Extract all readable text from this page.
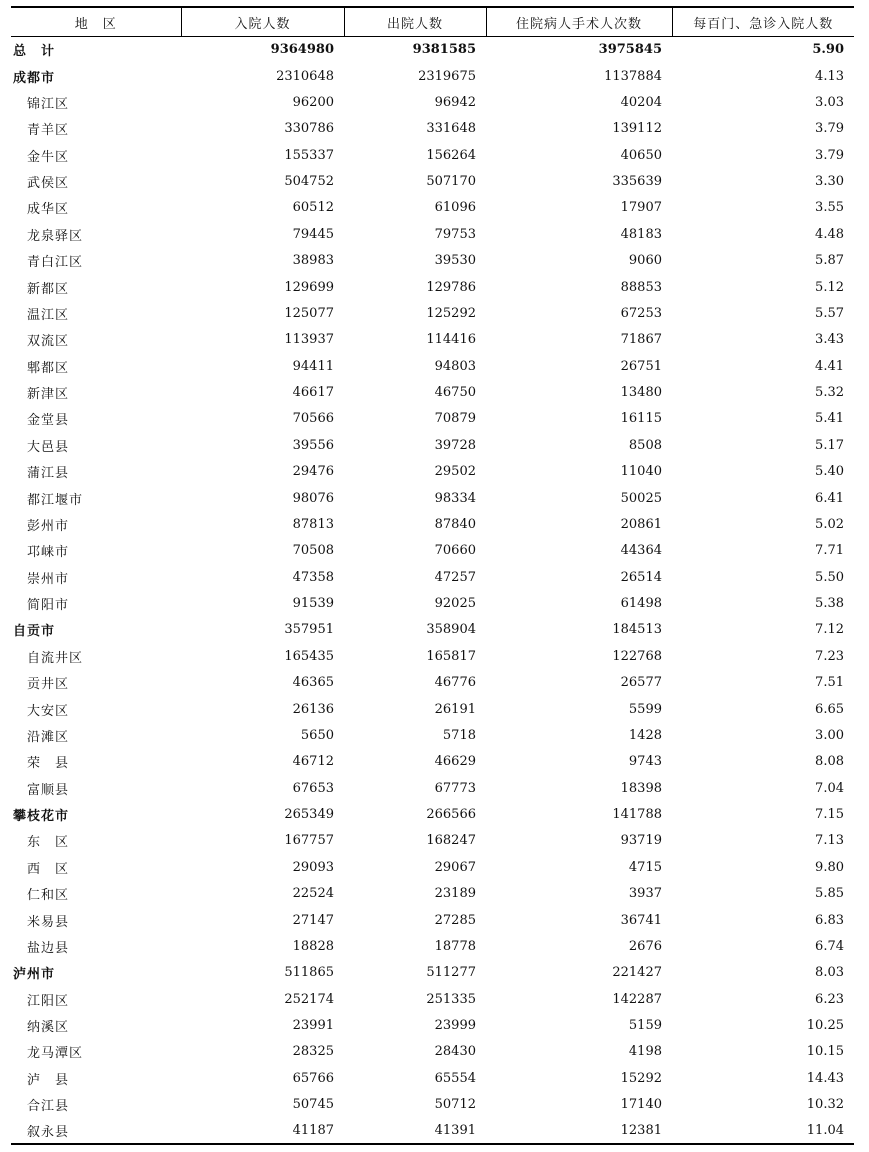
地　区	入院人数	出院人数	住院病人手术人次数	每百门、急诊入院人数
总　计	9364980	9381585	3975845	5.90
成都市	2310648	2319675	1137884	4.13
锦江区	96200	96942	40204	3.03
青羊区	330786	331648	139112	3.79
金牛区	155337	156264	40650	3.79
武侯区	504752	507170	335639	3.30
成华区	60512	61096	17907	3.55
龙泉驿区	79445	79753	48183	4.48
青白江区	38983	39530	9060	5.87
新都区	129699	129786	88853	5.12
温江区	125077	125292	67253	5.57
双流区	113937	114416	71867	3.43
郫都区	94411	94803	26751	4.41
新津区	46617	46750	13480	5.32
金堂县	70566	70879	16115	5.41
大邑县	39556	39728	8508	5.17
蒲江县	29476	29502	11040	5.40
都江堰市	98076	98334	50025	6.41
彭州市	87813	87840	20861	5.02
邛崃市	70508	70660	44364	7.71
崇州市	47358	47257	26514	5.50
简阳市	91539	92025	61498	5.38
自贡市	357951	358904	184513	7.12
自流井区	165435	165817	122768	7.23
贡井区	46365	46776	26577	7.51
大安区	26136	26191	5599	6.65
沿滩区	5650	5718	1428	3.00
荣　县	46712	46629	9743	8.08
富顺县	67653	67773	18398	7.04
攀枝花市	265349	266566	141788	7.15
东　区	167757	168247	93719	7.13
西　区	29093	29067	4715	9.80
仁和区	22524	23189	3937	5.85
米易县	27147	27285	36741	6.83
盐边县	18828	18778	2676	6.74
泸州市	511865	511277	221427	8.03
江阳区	252174	251335	142287	6.23
纳溪区	23991	23999	5159	10.25
龙马潭区	28325	28430	4198	10.15
泸　县	65766	65554	15292	14.43
合江县	50745	50712	17140	10.32
叙永县	41187	41391	12381	11.04
